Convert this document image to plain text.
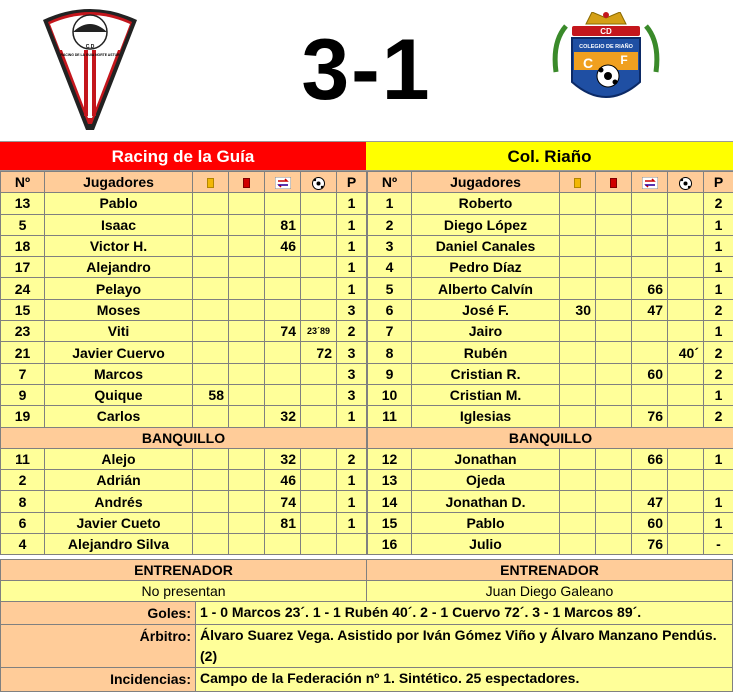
C.D
RACING DE LA GUIA NORTE ASTUR	3-1	CD
COLEGIO DE RIAÑO
C F
Racing de la Guía	Col. Riaño
Nº	Jugadores					P
13	Pablo					1
5	Isaac			81		1
18	Victor H.			46		1
17	Alejandro					1
24	Pelayo					1
15	Moses					3
23	Viti			74	23´89	2
21	Javier Cuervo				72	3
7	Marcos					3
9	Quique	58				3
19	Carlos			32		1
BANQUILLO						
11	Alejo			32		2
2	Adrián			46		1
8	Andrés			74		1
6	Javier Cueto			81		1
4	Alejandro Silva					
Nº	Jugadores					P
1	Roberto					2
2	Diego López					1
3	Daniel Canales					1
4	Pedro Díaz					1
5	Alberto Calvín			66		1
6	José F.	30		47		2
7	Jairo					1
8	Rubén				40´	2
9	Cristian R.			60		2
10	Cristian M.					1
11	Iglesias			76		2
BANQUILLO						
12	Jonathan			66		1
13	Ojeda					
14	Jonathan D.			47		1
15	Pablo			60		1
16	Julio			76		-
ENTRENADOR	ENTRENADOR
No presentan	Juan Diego Galeano
Goles: 1 - 0 Marcos 23´. 1 - 1 Rubén 40´. 2 - 1 Cuervo 72´. 3 - 1 Marcos 89´.
Árbitro: Álvaro Suarez Vega. Asistido por Iván Gómez Viño y Álvaro Manzano Pendús. (2)
Incidencias: Campo de la Federación nº 1. Sintético. 25 espectadores.
